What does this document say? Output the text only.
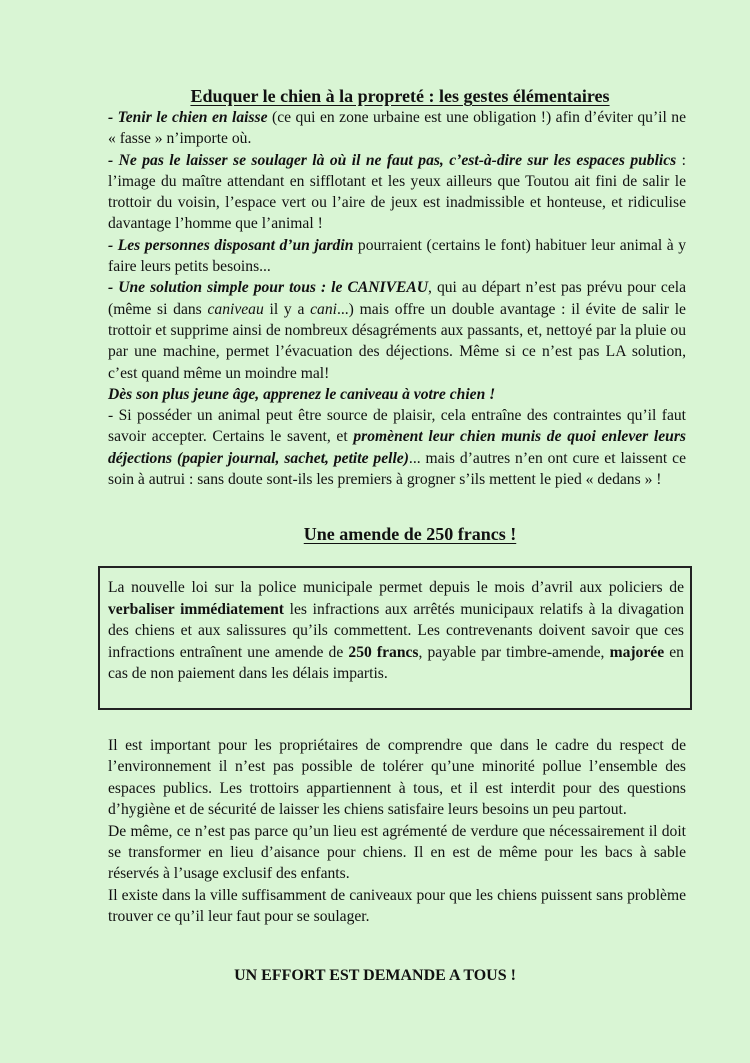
Eduquer le chien à la propreté : les gestes élémentaires

- Tenir le chien en laisse (ce qui en zone urbaine est une obligation !) afin d’éviter qu’il ne « fasse » n’importe où.

- Ne pas le laisser se soulager là où il ne faut pas, c’est-à-dire sur les espaces publics : l’image du maître attendant en sifflotant et les yeux ailleurs que Toutou ait fini de salir le trottoir du voisin, l’espace vert ou l’aire de jeux est inadmissible et honteuse, et ridiculise davantage l’homme que l’animal !

- Les personnes disposant d’un jardin pourraient (certains le font) habituer leur animal à y faire leurs petits besoins...

- Une solution simple pour tous : le CANIVEAU, qui au départ n’est pas prévu pour cela (même si dans caniveau il y a cani...) mais offre un double avantage : il évite de salir le trottoir et supprime ainsi de nombreux désagréments aux passants, et, nettoyé par la pluie ou par une machine, permet l’évacuation des déjections. Même si ce n’est pas LA solution, c’est quand même un moindre mal!

Dès son plus jeune âge, apprenez le caniveau à votre chien !

- Si posséder un animal peut être source de plaisir, cela entraîne des contraintes qu’il faut savoir accepter. Certains le savent, et promènent leur chien munis de quoi enlever leurs déjections (papier journal, sachet, petite pelle)... mais d’autres n’en ont cure et laissent ce soin à autrui : sans doute sont-ils les premiers à grogner s’ils mettent le pied « dedans » !

Une amende de 250 francs !

La nouvelle loi sur la police municipale permet depuis le mois d’avril aux policiers de verbaliser immédiatement les infractions aux arrêtés municipaux relatifs à la divagation des chiens et aux salissures qu’ils commettent. Les contrevenants doivent savoir que ces infractions entraînent une amende de 250 francs, payable par timbre-amende, majorée en cas de non paiement dans les délais impartis.

Il est important pour les propriétaires de comprendre que dans le cadre du respect de l’environnement il n’est pas possible de tolérer qu’une minorité pollue l’ensemble des espaces publics. Les trottoirs appartiennent à tous, et il est interdit pour des questions d’hygiène et de sécurité de laisser les chiens satisfaire leurs besoins un peu partout.

De même, ce n’est pas parce qu’un lieu est agrémenté de verdure que nécessairement il doit se transformer en lieu d’aisance pour chiens. Il en est de même pour les bacs à sable réservés à l’usage exclusif des enfants.

Il existe dans la ville suffisamment de caniveaux pour que les chiens puissent sans problème trouver ce qu’il leur faut pour se soulager.

UN EFFORT EST DEMANDE A TOUS !
